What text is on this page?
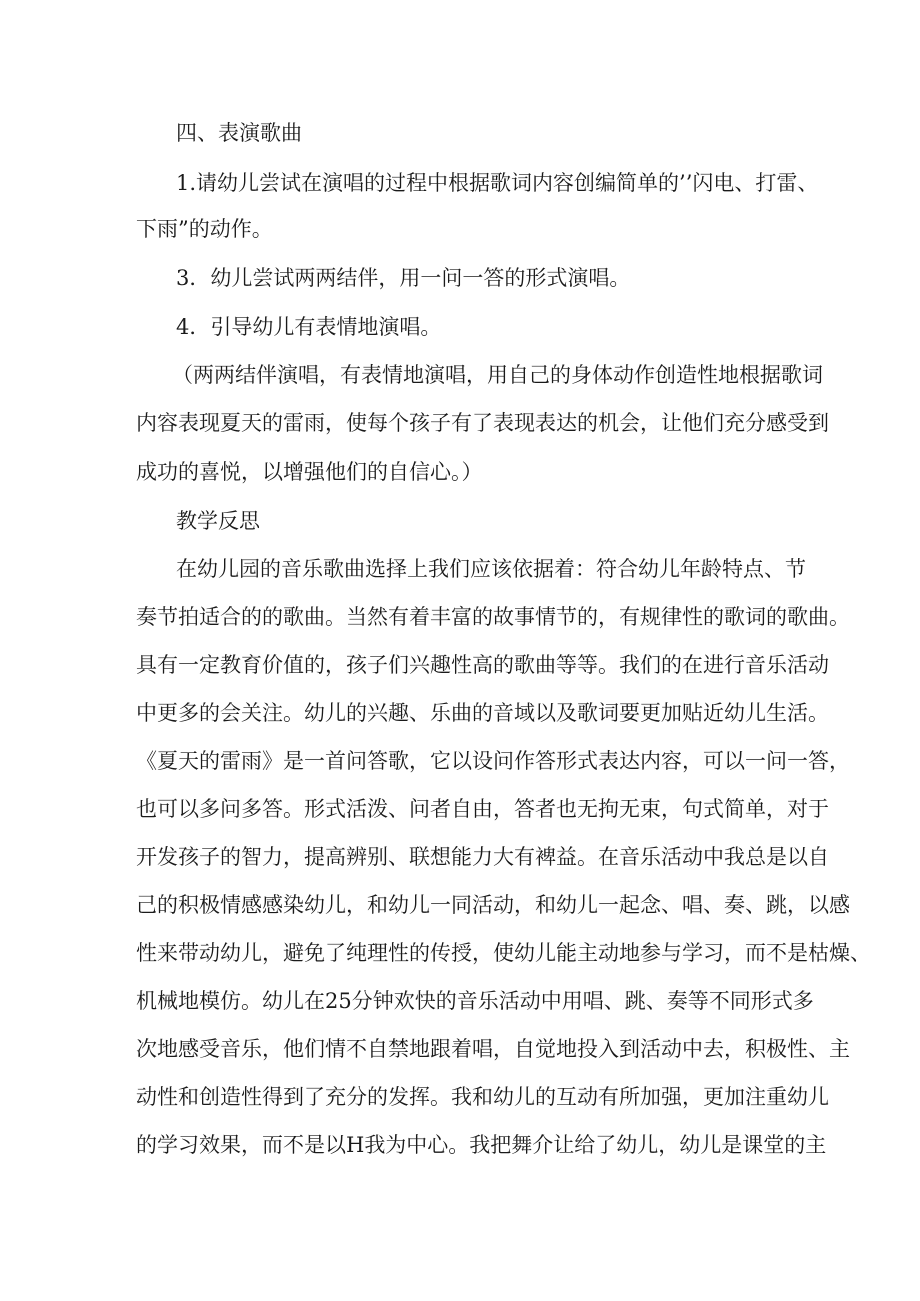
四、表演歌曲
1.请幼儿尝试在演唱的过程中根据歌词内容创编简单的’’闪电、打雷、
下雨”的动作。
3．幼儿尝试两两结伴，用一问一答的形式演唱。
4．引导幼儿有表情地演唱。
（两两结伴演唱，有表情地演唱，用自己的身体动作创造性地根据歌词
内容表现夏天的雷雨，使每个孩子有了表现表达的机会，让他们充分感受到
成功的喜悦，以增强他们的自信心。）
教学反思
在幼儿园的音乐歌曲选择上我们应该依据着：符合幼儿年龄特点、节
奏节拍适合的的歌曲。当然有着丰富的故事情节的，有规律性的歌词的歌曲。
具有一定教育价值的，孩子们兴趣性高的歌曲等等。我们的在进行音乐活动
中更多的会关注。幼儿的兴趣、乐曲的音域以及歌词要更加贴近幼儿生活。
《夏天的雷雨》是一首问答歌，它以设问作答形式表达内容，可以一问一答，
也可以多问多答。形式活泼、问者自由，答者也无拘无束，句式简单，对于
开发孩子的智力，提高辨别、联想能力大有裨益。在音乐活动中我总是以自
己的积极情感感染幼儿，和幼儿一同活动，和幼儿一起念、唱、奏、跳，以感
性来带动幼儿，避免了纯理性的传授，使幼儿能主动地参与学习，而不是枯燥、
机械地模仿。幼儿在25分钟欢快的音乐活动中用唱、跳、奏等不同形式多
次地感受音乐，他们情不自禁地跟着唱，自觉地投入到活动中去，积极性、主
动性和创造性得到了充分的发挥。我和幼儿的互动有所加强，更加注重幼儿
的学习效果，而不是以H我为中心。我把舞介让给了幼儿，幼儿是课堂的主
